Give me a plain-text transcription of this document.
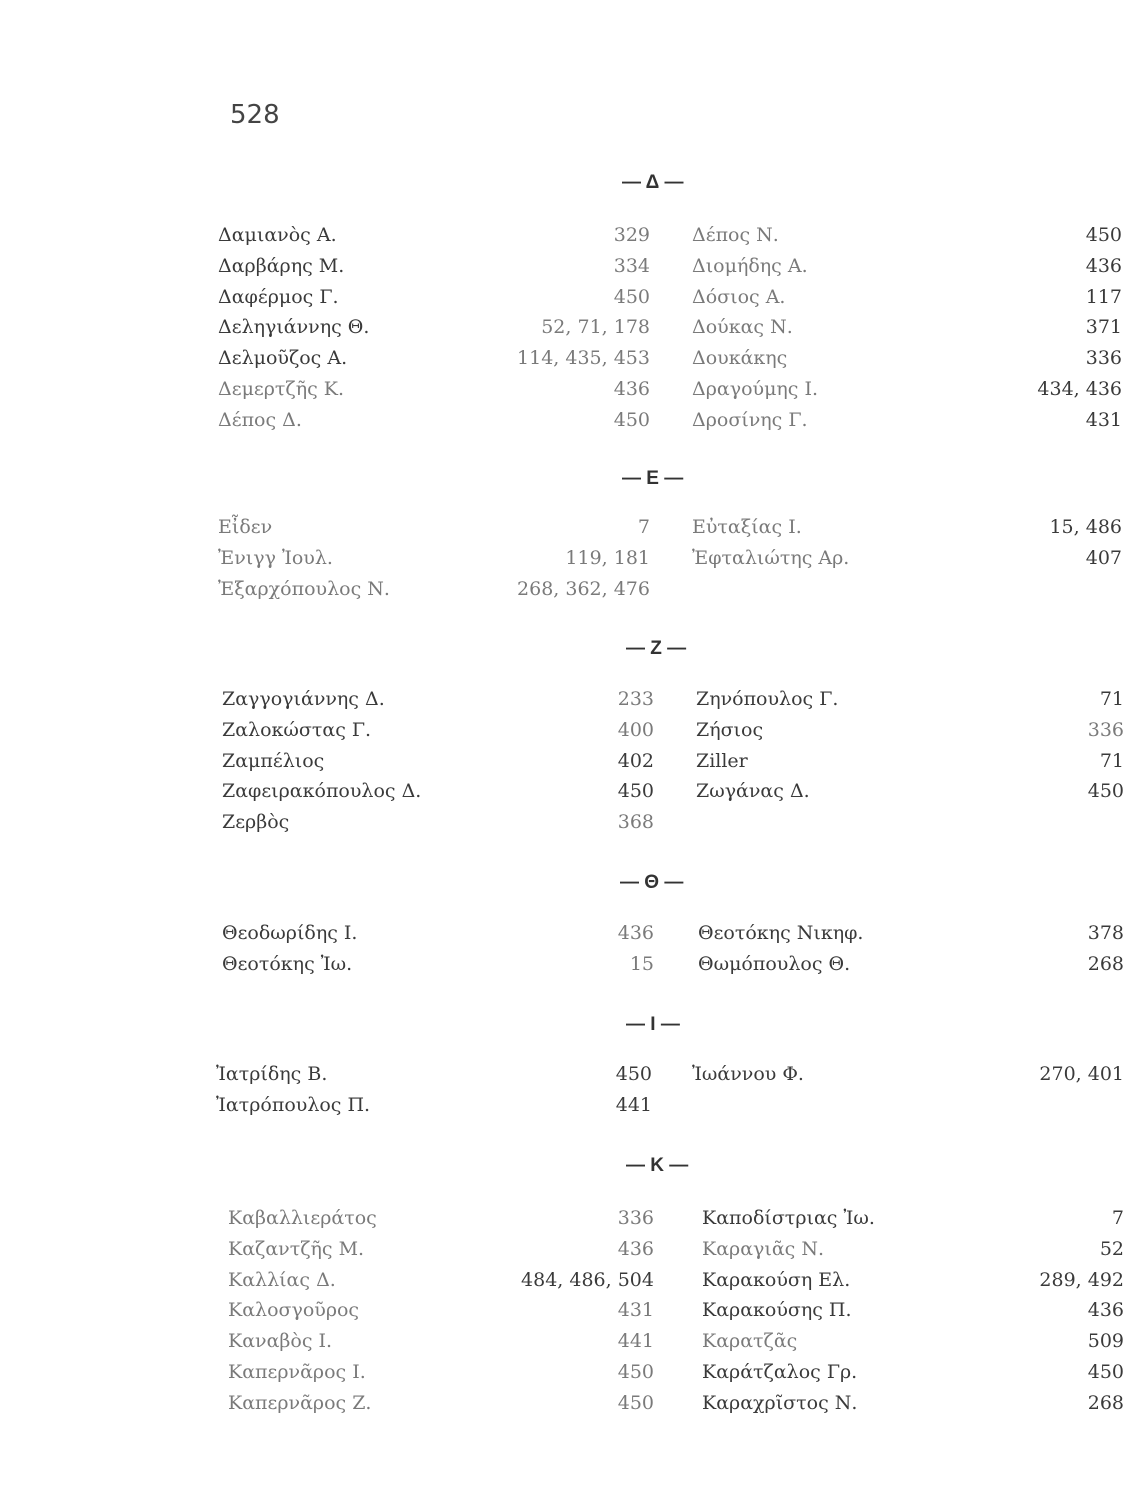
528
— Δ —
Δαμιανὸς Α.	329
Δαρβάρης Μ.	334
Δαφέρμος Γ.	450
Δεληγιάννης Θ.	52, 71, 178
Δελμοῦζος Α.	114, 435, 453
Δεμερτζῆς Κ.	436
Δέπος Δ.	450
Δέπος Ν.	450
Διομήδης Α.	436
Δόσιος Α.	117
Δούκας Ν.	371
Δουκάκης	336
Δραγούμης Ι.	434, 436
Δροσίνης Γ.	431
— Ε —
Εἶδεν	7
Ἐνιγγ Ἰουλ.	119, 181
Ἐξαρχόπουλος Ν.	268, 362, 476
Εὐταξίας Ι.	15, 486
Ἐφταλιώτης Αρ.	407
— Ζ —
Ζαγγογιάννης Δ.	233
Ζαλοκώστας Γ.	400
Ζαμπέλιος	402
Ζαφειρακόπουλος Δ.	450
Ζερβὸς	368
Ζηνόπουλος Γ.	71
Ζήσιος	336
Ziller	71
Ζωγάνας Δ.	450
— Θ —
Θεοδωρίδης Ι.	436
Θεοτόκης Ἰω.	15
Θεοτόκης Νικηφ.	378
Θωμόπουλος Θ.	268
— Ι —
Ἰατρίδης Β.	450
Ἰατρόπουλος Π.	441
Ἰωάννου Φ.	270, 401
— Κ —
Καβαλλιεράτος	336
Καζαντζῆς Μ.	436
Καλλίας Δ.	484, 486, 504
Καλοσγοῦρος	431
Καναβὸς Ι.	441
Καπερνᾶρος Ι.	450
Καπερνᾶρος Ζ.	450
Καποδίστριας Ἰω.	7
Καραγιᾶς Ν.	52
Καρακούση Ελ.	289, 492
Καρακούσης Π.	436
Καρατζᾶς	509
Καράτζαλος Γρ.	450
Καραχρῖστος Ν.	268
